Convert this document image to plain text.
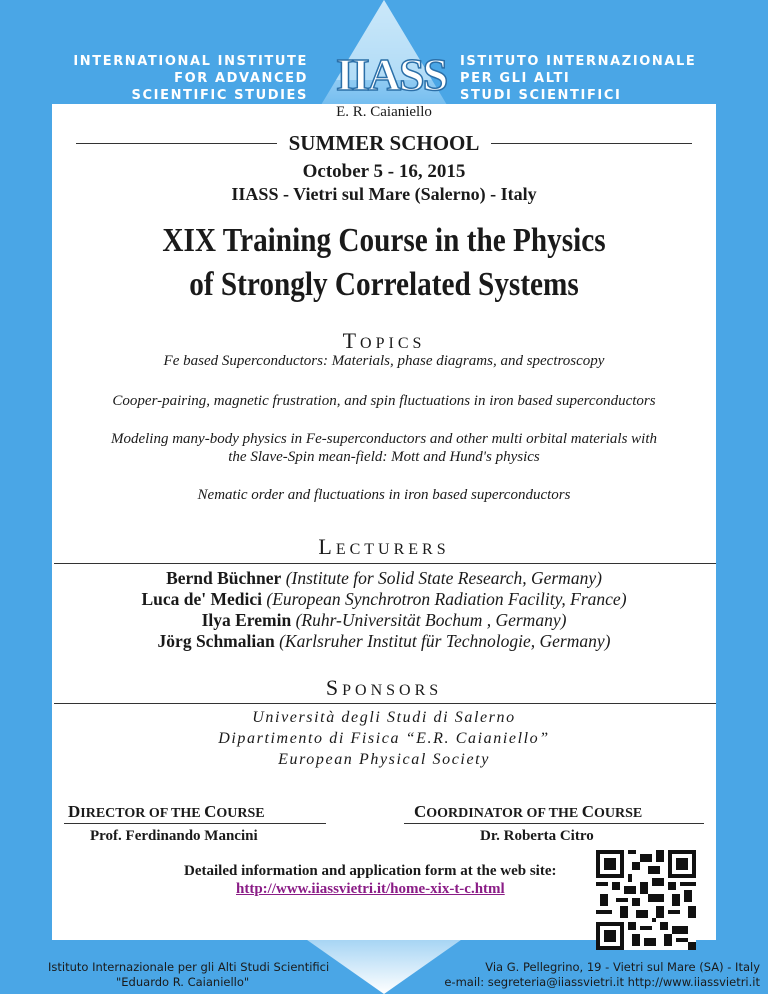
INTERNATIONAL INSTITUTE
FOR ADVANCED
SCIENTIFIC STUDIES
ISTITUTO INTERNAZIONALE
PER GLI ALTI
STUDI SCIENTIFICI
IIASS
E. R. Caianiello
SUMMER SCHOOL
October 5 - 16, 2015
IIASS - Vietri sul Mare (Salerno) - Italy
XIX Training Course in the Physics
of Strongly Correlated Systems
TOPICS
Fe based Superconductors: Materials, phase diagrams, and spectroscopy
Cooper-pairing, magnetic frustration, and spin fluctuations in iron based superconductors
Modeling many-body physics in Fe-superconductors and other multi orbital materials with
the Slave-Spin mean-field: Mott and Hund's physics
Nematic order and fluctuations in iron based superconductors
LECTURERS
Bernd Büchner (Institute for Solid State Research, Germany)
Luca de' Medici (European Synchrotron Radiation Facility, France)
Ilya Eremin (Ruhr-Universität Bochum , Germany)
Jörg Schmalian (Karlsruher Institut für Technologie, Germany)
SPONSORS
Università degli Studi di Salerno
Dipartimento di Fisica “E.R. Caianiello”
European Physical Society
DIRECTOR OF THE COURSE
Prof. Ferdinando Mancini
COORDINATOR OF THE COURSE
Dr. Roberta Citro
Detailed information and application form at the web site:
http://www.iiassvietri.it/home-xix-t-c.html
Istituto Internazionale per gli Alti Studi Scientifici
"Eduardo R. Caianiello"
Via G. Pellegrino, 19 - Vietri sul Mare (SA) - Italy
e-mail: segreteria@iiassvietri.it http://www.iiassvietri.it
